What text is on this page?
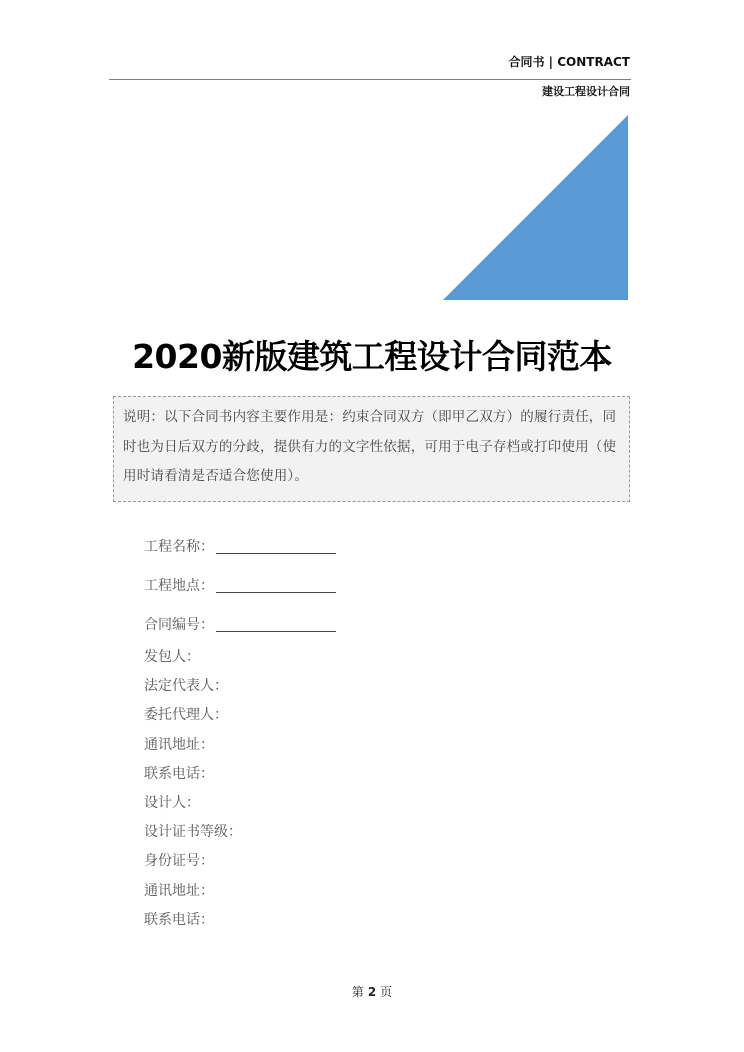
合同书 | CONTRACT
建设工程设计合同
2020新版建筑工程设计合同范本
说明：以下合同书内容主要作用是：约束合同双方（即甲乙双方）的履行责任，同时也为日后双方的分歧，提供有力的文字性依据，可用于电子存档或打印使用（使用时请看清是否适合您使用）。
工程名称：
工程地点：
合同编号：
发包人：
法定代表人：
委托代理人：
通讯地址：
联系电话：
设计人：
设计证书等级：
身份证号：
通讯地址：
联系电话：
第 2 页
